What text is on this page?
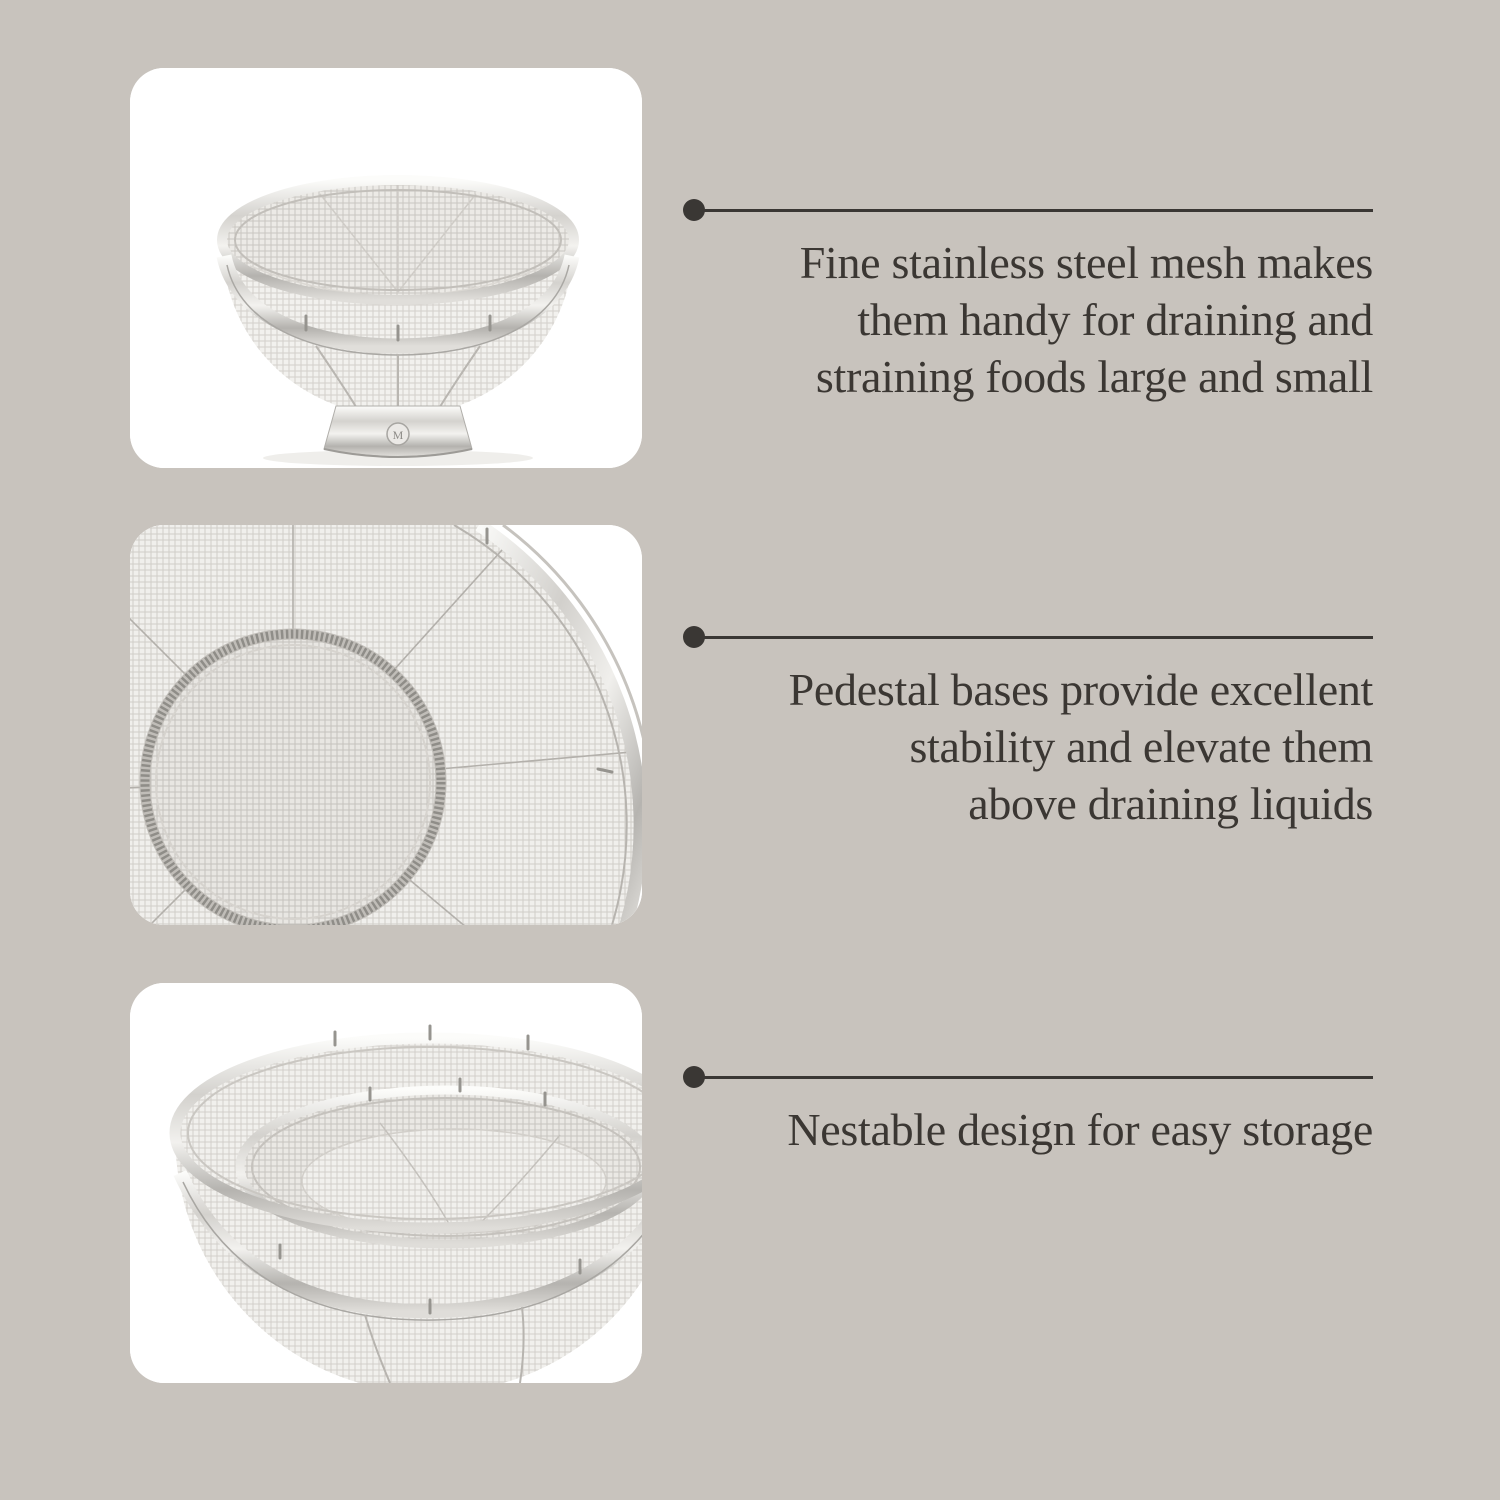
M
Fine stainless steel mesh makes
them handy for draining and
straining foods large and small
Pedestal bases provide excellent
stability and elevate them
above draining liquids
Nestable design for easy storage
